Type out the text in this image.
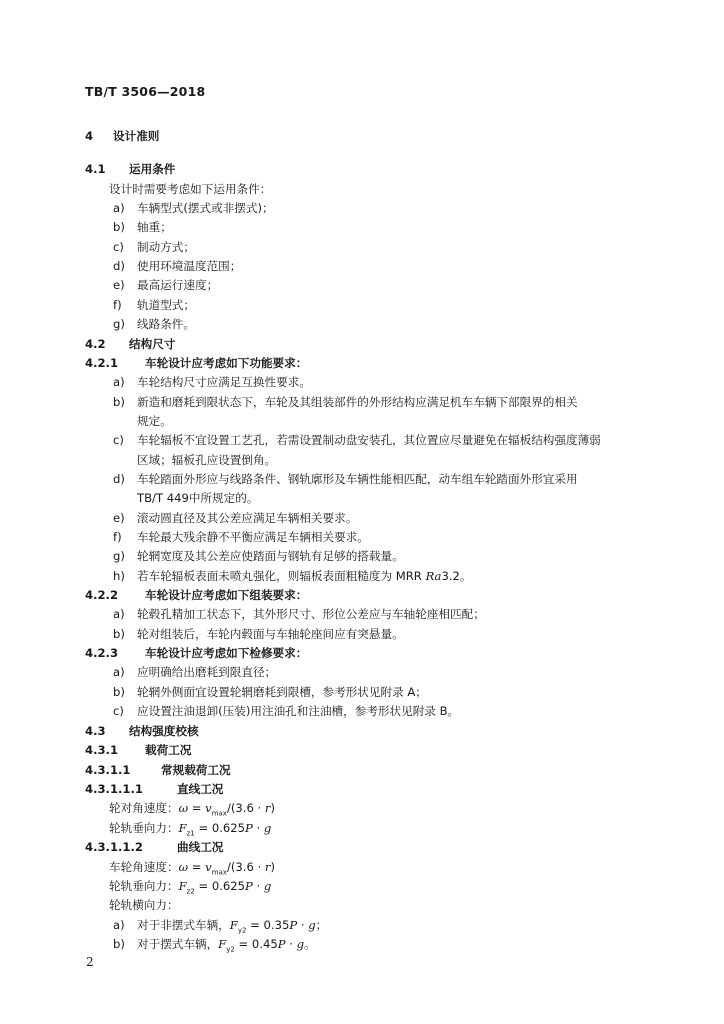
TB/T 3506—2018
4 设计准则
4.1 运用条件
设计时需要考虑如下运用条件：
a) 车辆型式(摆式或非摆式)；
b) 轴重；
c) 制动方式；
d) 使用环境温度范围；
e) 最高运行速度；
f) 轨道型式；
g) 线路条件。
4.2 结构尺寸
4.2.1 车轮设计应考虑如下功能要求：
a) 车轮结构尺寸应满足互换性要求。
b) 新造和磨耗到限状态下，车轮及其组装部件的外形结构应满足机车车辆下部限界的相关
规定。
c) 车轮辐板不宜设置工艺孔，若需设置制动盘安装孔，其位置应尽量避免在辐板结构强度薄弱
区域；辐板孔应设置倒角。
d) 车轮踏面外形应与线路条件、钢轨廓形及车辆性能相匹配，动车组车轮踏面外形宜采用
TB/T 449中所规定的。
e) 滚动圆直径及其公差应满足车辆相关要求。
f) 车轮最大残余静不平衡应满足车辆相关要求。
g) 轮辋宽度及其公差应使踏面与钢轨有足够的搭载量。
h) 若车轮辐板表面未喷丸强化，则辐板表面粗糙度为 MRR Ra3.2。
4.2.2 车轮设计应考虑如下组装要求：
a) 轮毂孔精加工状态下，其外形尺寸、形位公差应与车轴轮座相匹配；
b) 轮对组装后，车轮内毂面与车轴轮座间应有突悬量。
4.2.3 车轮设计应考虑如下检修要求：
a) 应明确给出磨耗到限直径；
b) 轮辋外侧面宜设置轮辋磨耗到限槽，参考形状见附录 A；
c) 应设置注油退卸(压装)用注油孔和注油槽，参考形状见附录 B。
4.3 结构强度校核
4.3.1 载荷工况
4.3.1.1	常规载荷工况
4.3.1.1.1	直线工况
轮对角速度：$\omega = v_{max}/(3.6 \cdot r)$
轮轨垂向力：$F_{z1} = 0.625P \cdot g$
4.3.1.1.2	曲线工况
车轮角速度：$\omega = v_{max}/(3.6 \cdot r)$
轮轨垂向力：$F_{z2} = 0.625P \cdot g$
轮轨横向力：
a) 对于非摆式车辆，$F_{y2} = 0.35P \cdot g$；
b) 对于摆式车辆，$F_{y2} = 0.45P \cdot g$。
2
